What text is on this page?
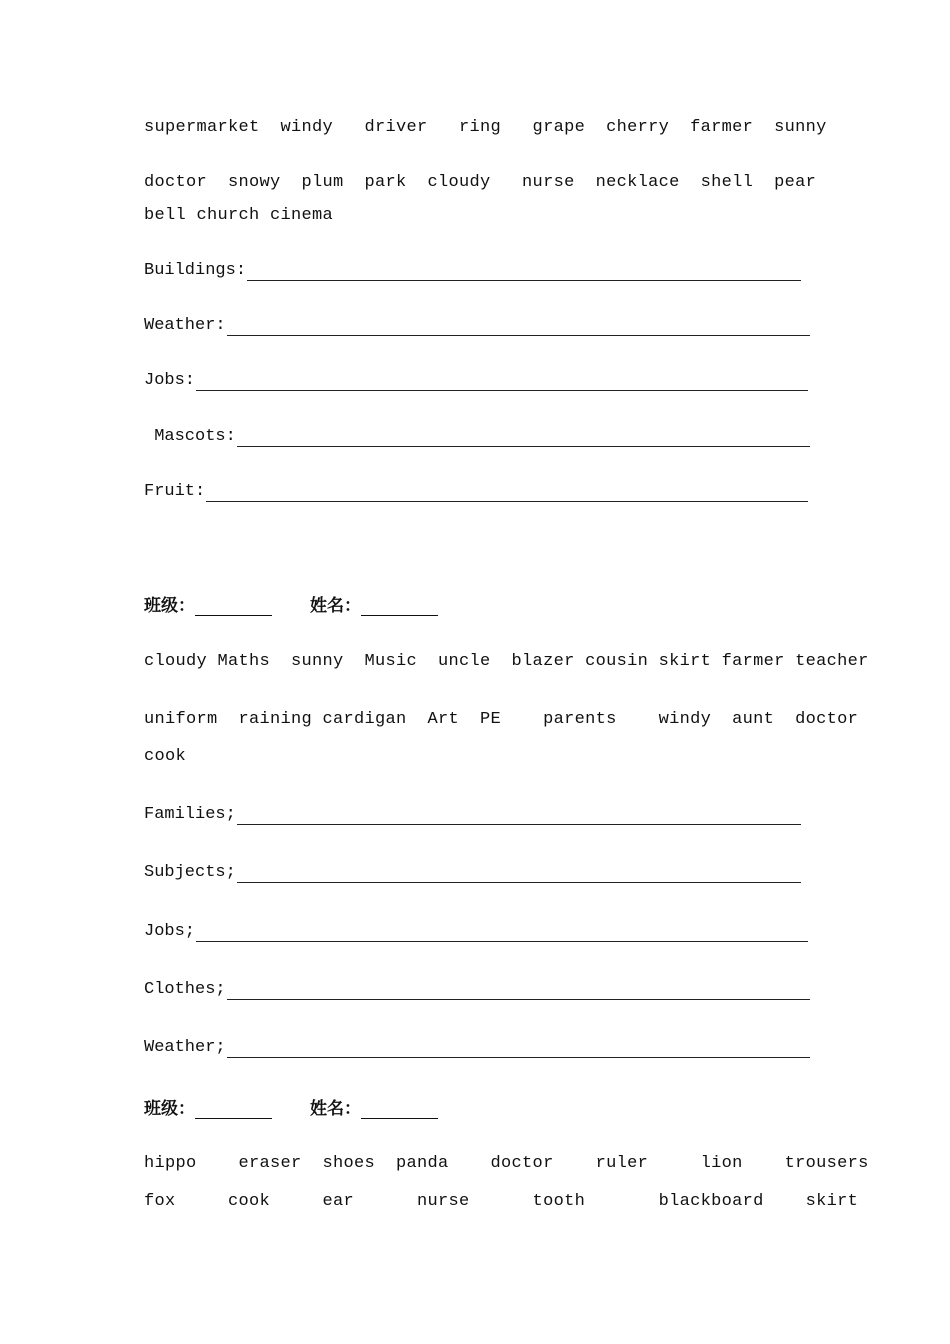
supermarket  windy   driver   ring   grape  cherry  farmer  sunny
doctor  snowy  plum  park  cloudy   nurse  necklace  shell  pear
bell church cinema
Buildings:
Weather:
Jobs:
Mascots:
Fruit:
班级：	姓名：
cloudy Maths  sunny  Music  uncle  blazer cousin skirt farmer teacher
uniform  raining cardigan  Art  PE    parents    windy  aunt  doctor
cook
Families;
Subjects;
Jobs;
Clothes;
Weather;
班级：	姓名：
hippo    eraser  shoes  panda    doctor    ruler     lion    trousers
fox     cook     ear      nurse      tooth       blackboard    skirt
